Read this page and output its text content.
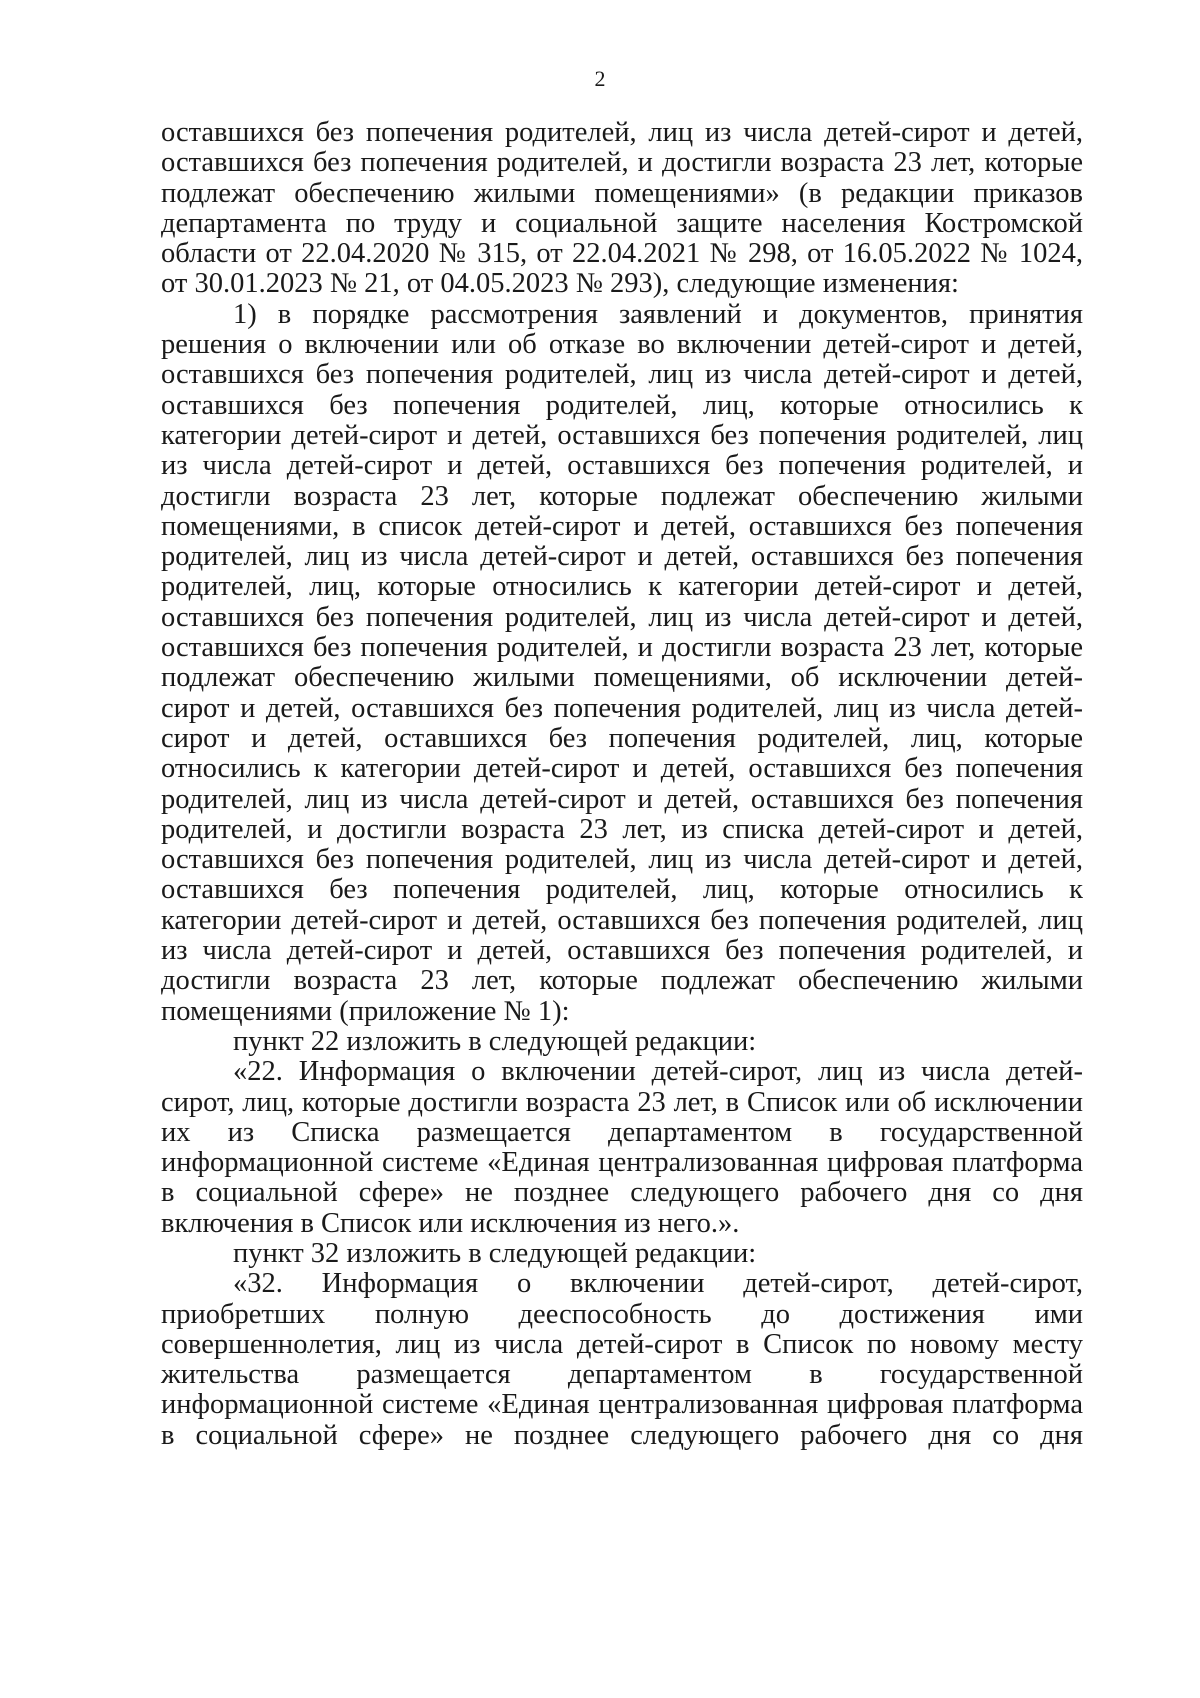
2
оставшихся без попечения родителей, лиц из числа детей-сирот и детей,
оставшихся без попечения родителей, и достигли возраста 23 лет, которые
подлежат обеспечению жилыми помещениями» (в редакции приказов
департамента по труду и социальной защите населения Костромской
области от 22.04.2020 № 315, от 22.04.2021 № 298, от 16.05.2022 № 1024,
от 30.01.2023 № 21, от 04.05.2023 № 293), следующие изменения:
1) в порядке рассмотрения заявлений и документов, принятия
решения о включении или об отказе во включении детей-сирот и детей,
оставшихся без попечения родителей, лиц из числа детей-сирот и детей,
оставшихся без попечения родителей, лиц, которые относились к
категории детей-сирот и детей, оставшихся без попечения родителей, лиц
из числа детей-сирот и детей, оставшихся без попечения родителей, и
достигли возраста 23 лет, которые подлежат обеспечению жилыми
помещениями, в список детей-сирот и детей, оставшихся без попечения
родителей, лиц из числа детей-сирот и детей, оставшихся без попечения
родителей, лиц, которые относились к категории детей-сирот и детей,
оставшихся без попечения родителей, лиц из числа детей-сирот и детей,
оставшихся без попечения родителей, и достигли возраста 23 лет, которые
подлежат обеспечению жилыми помещениями, об исключении детей-
сирот и детей, оставшихся без попечения родителей, лиц из числа детей-
сирот и детей, оставшихся без попечения родителей, лиц, которые
относились к категории детей-сирот и детей, оставшихся без попечения
родителей, лиц из числа детей-сирот и детей, оставшихся без попечения
родителей, и достигли возраста 23 лет, из списка детей-сирот и детей,
оставшихся без попечения родителей, лиц из числа детей-сирот и детей,
оставшихся без попечения родителей, лиц, которые относились к
категории детей-сирот и детей, оставшихся без попечения родителей, лиц
из числа детей-сирот и детей, оставшихся без попечения родителей, и
достигли возраста 23 лет, которые подлежат обеспечению жилыми
помещениями (приложение № 1):
пункт 22 изложить в следующей редакции:
«22. Информация о включении детей-сирот, лиц из числа детей-
сирот, лиц, которые достигли возраста 23 лет, в Список или об исключении
их из Списка размещается департаментом в государственной
информационной системе «Единая централизованная цифровая платформа
в социальной сфере» не позднее следующего рабочего дня со дня
включения в Список или исключения из него.».
пункт 32 изложить в следующей редакции:
«32. Информация о включении детей-сирот, детей-сирот,
приобретших полную дееспособность до достижения ими
совершеннолетия, лиц из числа детей-сирот в Список по новому месту
жительства размещается департаментом в государственной
информационной системе «Единая централизованная цифровая платформа
в социальной сфере» не позднее следующего рабочего дня со дня
